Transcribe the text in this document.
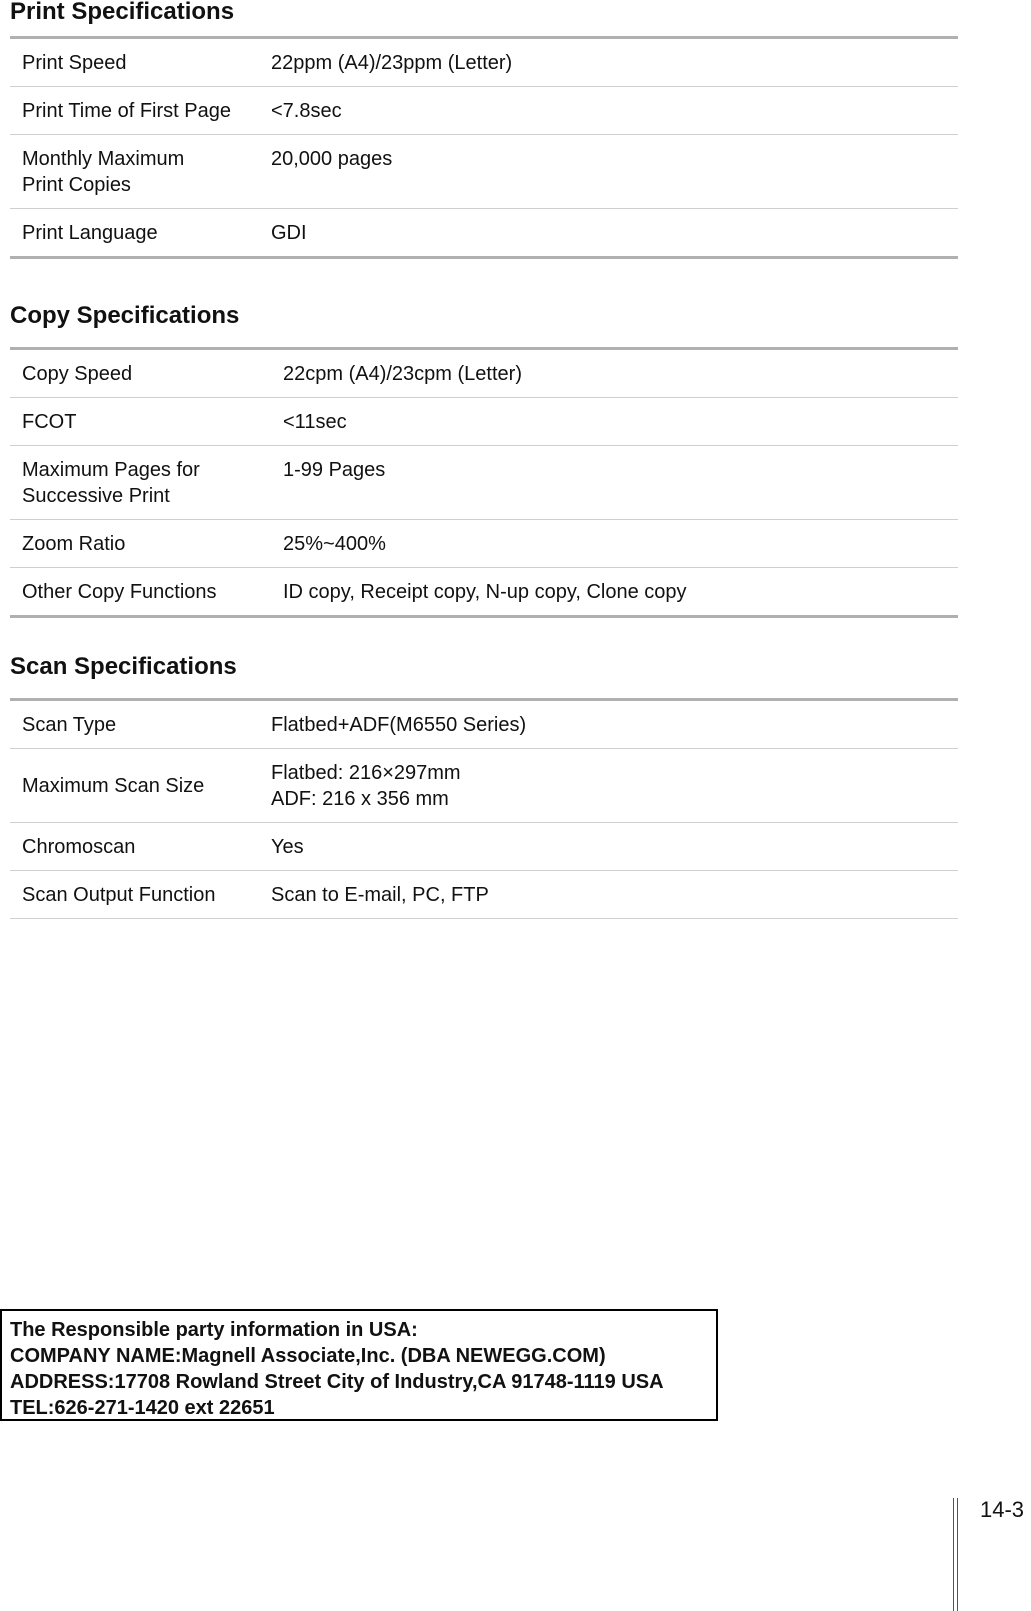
Print Specifications
Print Speed	22ppm (A4)/23ppm (Letter)
Print Time of First Page	<7.8sec
Monthly Maximum
Print Copies	20,000 pages
Print Language	GDI
Copy Specifications
Copy Speed	22cpm (A4)/23cpm (Letter)
FCOT	<11sec
Maximum Pages for
Successive Print	1-99 Pages
Zoom Ratio	25%~400%
Other Copy Functions	ID copy, Receipt copy, N-up copy, Clone copy
Scan Specifications
Scan Type	Flatbed+ADF(M6550 Series)
Maximum Scan Size	Flatbed: 216×297mm
ADF: 216 x 356 mm
Chromoscan	Yes
Scan Output Function	Scan to E-mail, PC, FTP
The Responsible party information in USA:
COMPANY NAME:Magnell Associate,Inc. (DBA NEWEGG.COM)
ADDRESS:17708 Rowland Street City of Industry,CA 91748-1119 USA
TEL:626-271-1420 ext 22651
14-3
